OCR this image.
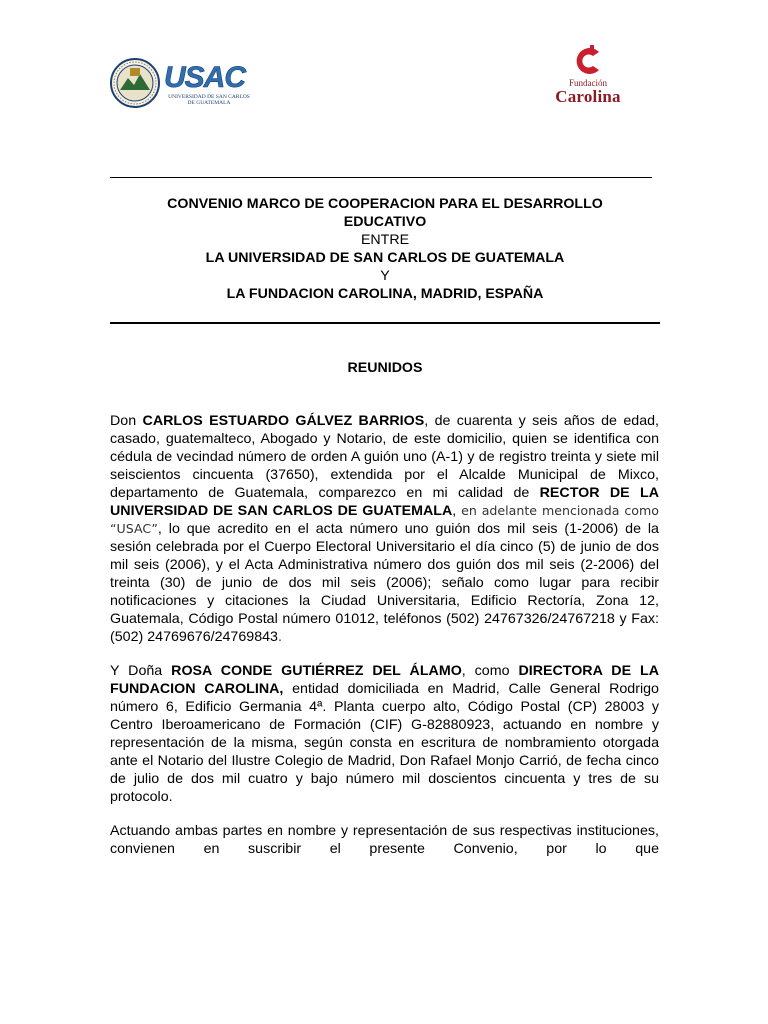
USAC
UNIVERSIDAD DE SAN CARLOS
DE GUATEMALA
Fundación
Carolina
CONVENIO MARCO DE COOPERACION PARA EL DESARROLLO
EDUCATIVO
ENTRE
LA UNIVERSIDAD DE SAN CARLOS DE GUATEMALA
Y
LA FUNDACION CAROLINA, MADRID, ESPAÑA
REUNIDOS

Don CARLOS ESTUARDO GÁLVEZ BARRIOS, de cuarenta y seis años de edad, casado, guatemalteco, Abogado y Notario, de este domicilio, quien se identifica con cédula de vecindad número de orden A guión uno (A-1) y de registro treinta y siete mil seiscientos cincuenta (37650), extendida por el Alcalde Municipal de Mixco, departamento de Guatemala, comparezco en mi calidad de RECTOR DE LA UNIVERSIDAD DE SAN CARLOS DE GUATEMALA, en adelante mencionada como “USAC”, lo que acredito en el acta número uno guión dos mil seis (1-2006) de la sesión celebrada por el Cuerpo Electoral Universitario el día cinco (5) de junio de dos mil seis (2006), y el Acta Administrativa número dos guión dos mil seis (2-2006) del treinta (30) de junio de dos mil seis (2006); señalo como lugar para recibir notificaciones y citaciones la Ciudad Universitaria, Edificio Rectoría, Zona 12, Guatemala, Código Postal número 01012, teléfonos (502) 24767326/24767218 y Fax: (502) 24769676/24769843.

Y Doña ROSA CONDE GUTIÉRREZ DEL ÁLAMO, como DIRECTORA DE LA FUNDACION CAROLINA, entidad domiciliada en Madrid, Calle General Rodrigo número 6, Edificio Germania 4ª. Planta cuerpo alto, Código Postal (CP) 28003 y Centro Iberoamericano de Formación (CIF) G-82880923, actuando en nombre y representación de la misma, según consta en escritura de nombramiento otorgada ante el Notario del Ilustre Colegio de Madrid, Don Rafael Monjo Carrió, de fecha cinco de julio de dos mil cuatro y bajo número mil doscientos cincuenta y tres de su protocolo.

Actuando ambas partes en nombre y representación de sus respectivas instituciones, convienen en suscribir el presente Convenio, por lo que
